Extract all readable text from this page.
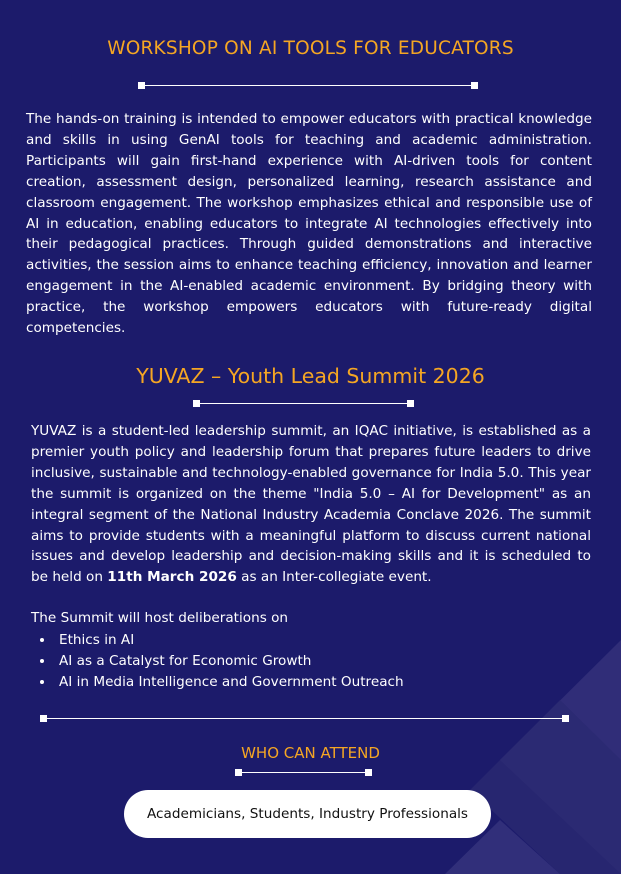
WORKSHOP ON AI TOOLS FOR EDUCATORS

The hands-on training is intended to empower educators with practical knowledge and skills in using GenAI tools for teaching and academic administration. Participants will gain first-hand experience with AI-driven tools for content creation, assessment design, personalized learning, research assistance and classroom engagement. The workshop emphasizes ethical and responsible use of AI in education, enabling educators to integrate AI technologies effectively into their pedagogical practices. Through guided demonstrations and interactive activities, the session aims to enhance teaching efficiency, innovation and learner engagement in the AI-enabled academic environment. By bridging theory with practice, the workshop empowers educators with future-ready digital competencies.

YUVAZ – Youth Lead Summit 2026

YUVAZ is a student-led leadership summit, an IQAC initiative, is established as a premier youth policy and leadership forum that prepares future leaders to drive inclusive, sustainable and technology-enabled governance for India 5.0. This year the summit is organized on the theme "India 5.0 – AI for Development" as an integral segment of the National Industry Academia Conclave 2026. The summit aims to provide students with a meaningful platform to discuss current national issues and develop leadership and decision-making skills and it is scheduled to be held on 11th March 2026 as an Inter-collegiate event.

The Summit will host deliberations on

Ethics in AI
AI as a Catalyst for Economic Growth
AI in Media Intelligence and Government Outreach
WHO CAN ATTEND
Academicians, Students, Industry Professionals
